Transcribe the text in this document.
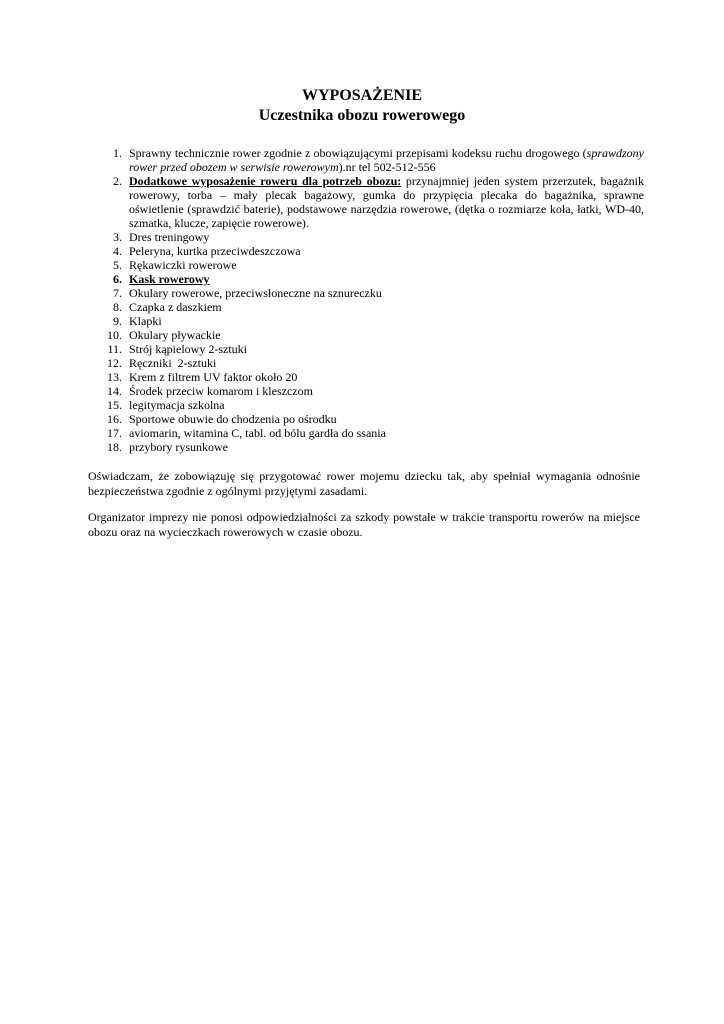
WYPOSAŻENIE
Uczestnika obozu rowerowego
1. Sprawny technicznie rower zgodnie z obowiązującymi przepisami kodeksu ruchu drogowego (sprawdzony rower przed obozem w serwisie rowerowym).nr tel 502-512-556
2. Dodatkowe wyposażenie roweru dla potrzeb obozu: przynajmniej jeden system przerzutek, bagażnik rowerowy, torba – mały plecak bagażowy, gumka do przypięcia plecaka do bagażnika, sprawne oświetlenie (sprawdzić baterie), podstawowe narzędzia rowerowe, (dętka o rozmiarze koła, łatki, WD-40, szmatka, klucze, zapięcie rowerowe).
3. Dres treningowy
4. Peleryna, kurtka przeciwdeszczowa
5. Rękawiczki rowerowe
6. Kask rowerowy
7. Okulary rowerowe, przeciwsłoneczne na sznureczku
8. Czapka z daszkiem
9. Klapki
10. Okulary pływackie
11. Strój kąpielowy 2-sztuki
12. Ręczniki  2-sztuki
13. Krem z filtrem UV faktor około 20
14. Środek przeciw komarom i kleszczom
15. legitymacja szkolna
16. Sportowe obuwie do chodzenia po ośrodku
17. aviomarin, witamina C, tabl. od bólu gardła do ssania
18. przybory rysunkowe

Oświadczam, że zobowiązuję się przygotować rower mojemu dziecku tak, aby spełniał wymagania odnośnie bezpieczeństwa zgodnie z ogólnymi przyjętymi zasadami.

Organizator imprezy nie ponosi odpowiedzialności za szkody powstałe w trakcie transportu rowerów na miejsce obozu oraz na wycieczkach rowerowych w czasie obozu.
